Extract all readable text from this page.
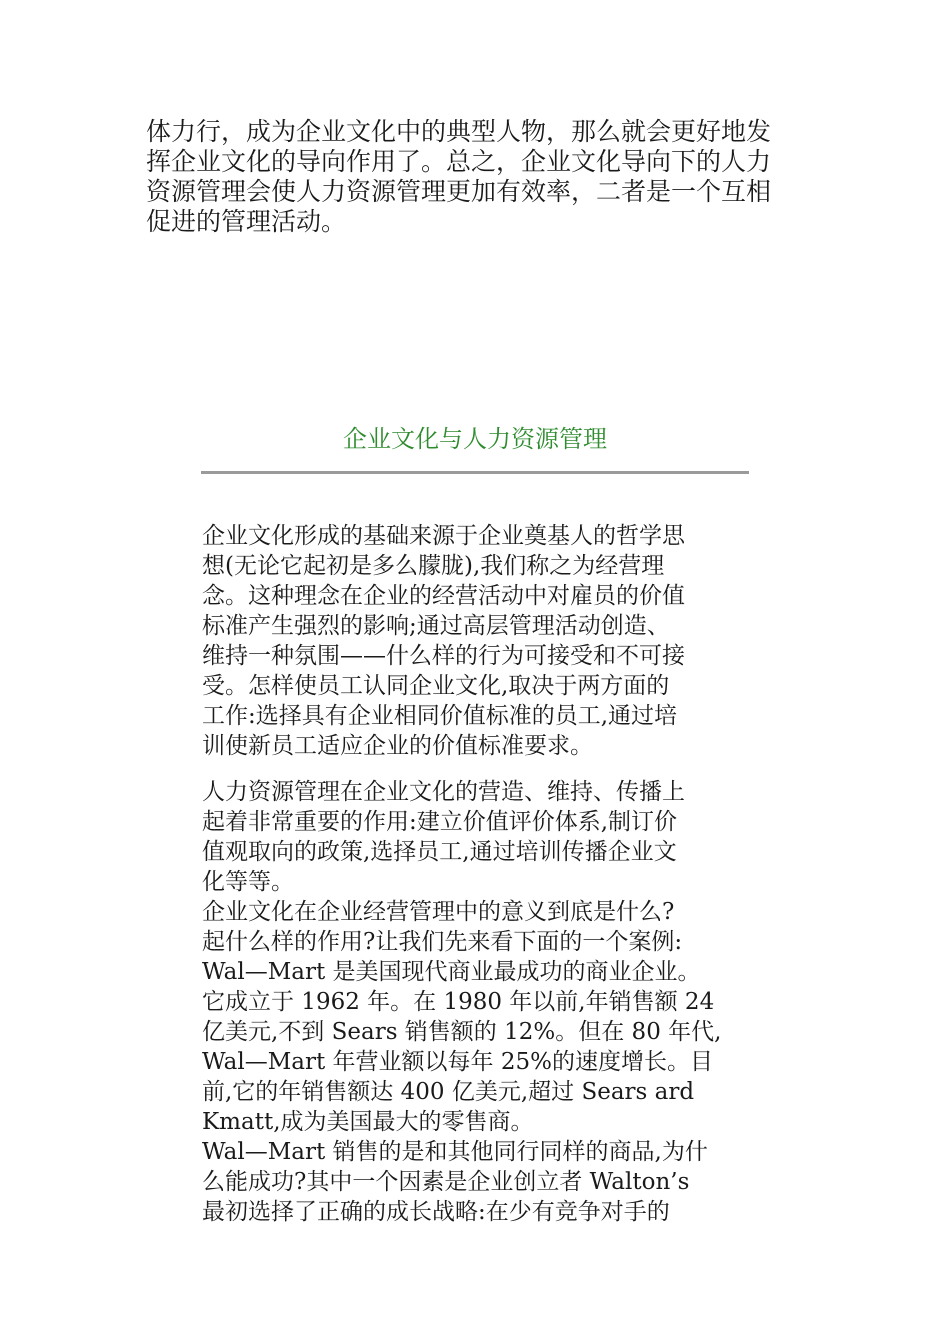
体力行，成为企业文化中的典型人物，那么就会更好地发
挥企业文化的导向作用了。总之，企业文化导向下的人力
资源管理会使人力资源管理更加有效率，二者是一个互相
促进的管理活动。

企业文化与人力资源管理

企业文化形成的基础来源于企业奠基人的哲学思
想(无论它起初是多么朦胧),我们称之为经营理
念。这种理念在企业的经营活动中对雇员的价值
标准产生强烈的影响;通过高层管理活动创造、
维持一种氛围——什么样的行为可接受和不可接
受。怎样使员工认同企业文化,取决于两方面的
工作:选择具有企业相同价值标准的员工,通过培
训使新员工适应企业的价值标准要求。

人力资源管理在企业文化的营造、维持、传播上
起着非常重要的作用:建立价值评价体系,制订价
值观取向的政策,选择员工,通过培训传播企业文
化等等。
企业文化在企业经营管理中的意义到底是什么?
起什么样的作用?让我们先来看下面的一个案例:
Wal—Mart 是美国现代商业最成功的商业企业。
它成立于 1962 年。在 1980 年以前,年销售额 24
亿美元,不到 Sears 销售额的 12%。但在 80 年代,
Wal—Mart 年营业额以每年 25%的速度增长。目
前,它的年销售额达 400 亿美元,超过 Sears ard
Kmatt,成为美国最大的零售商。
Wal—Mart 销售的是和其他同行同样的商品,为什
么能成功?其中一个因素是企业创立者 Walton’s
最初选择了正确的成长战略:在少有竞争对手的
